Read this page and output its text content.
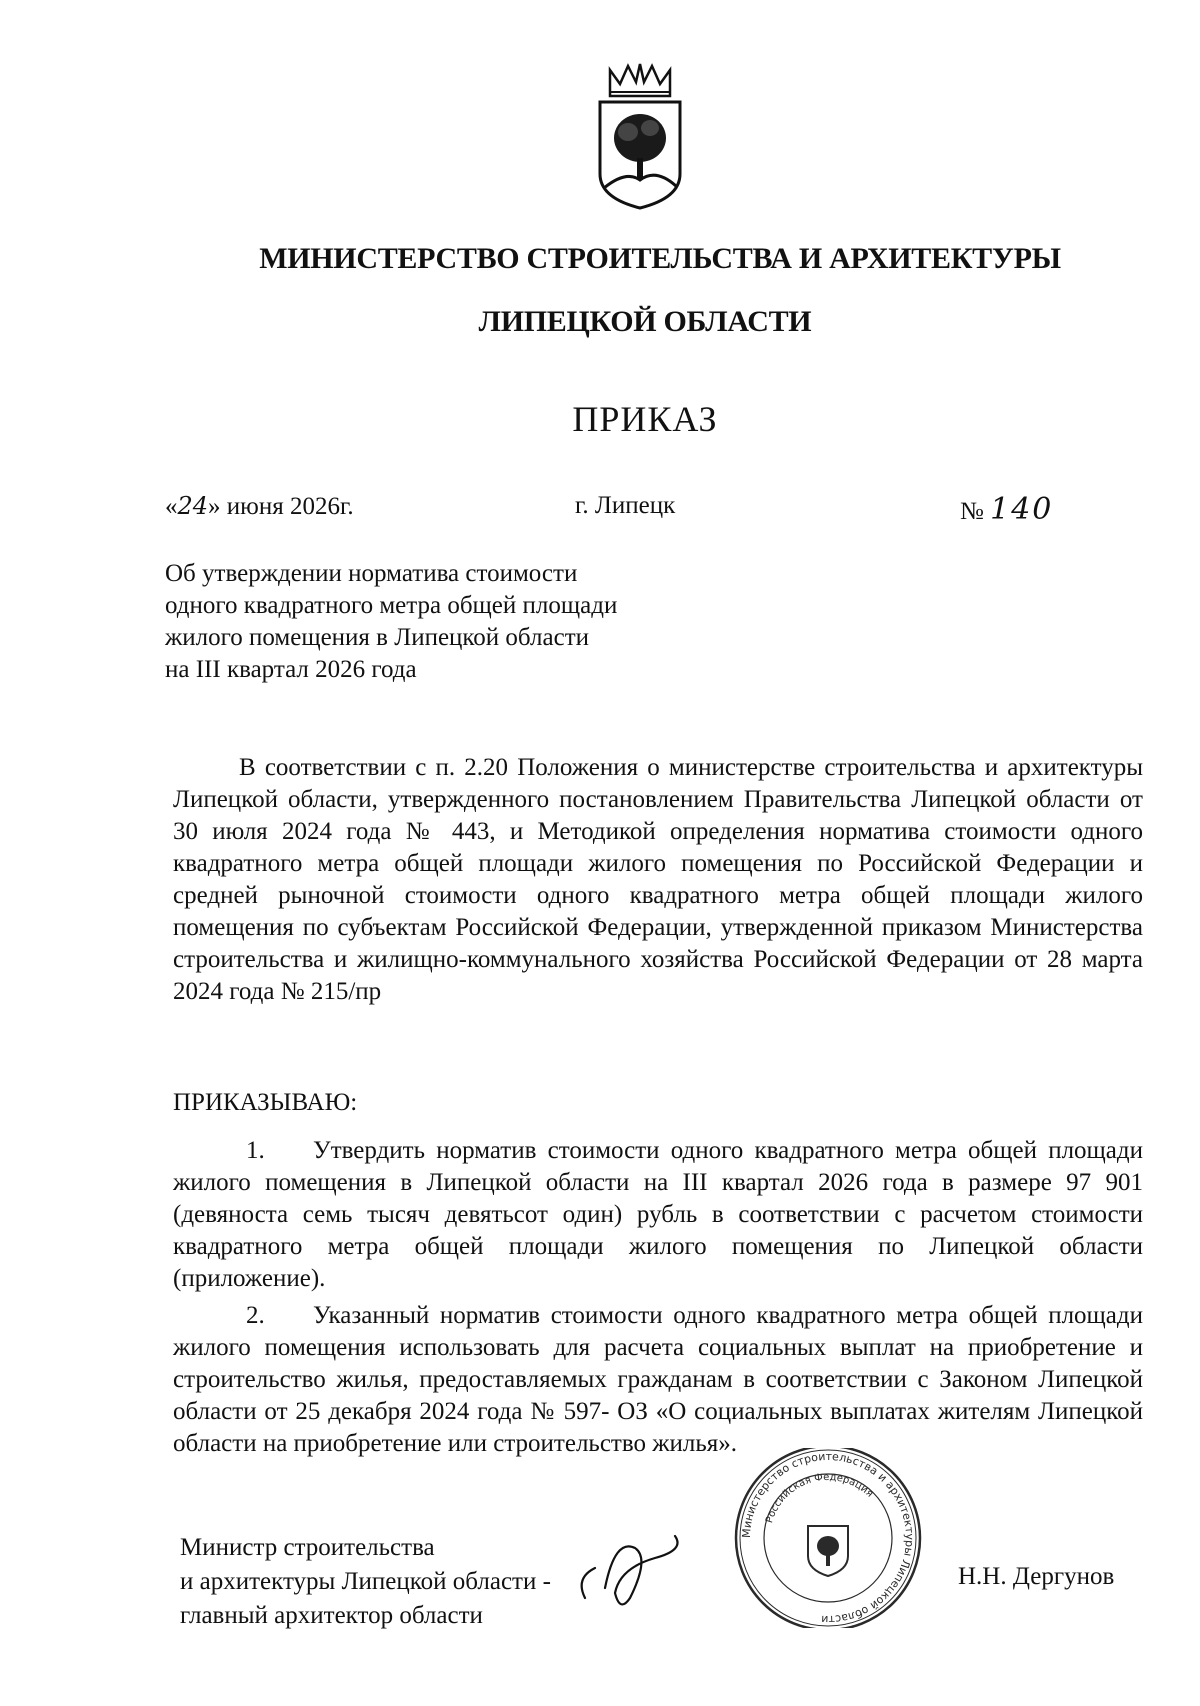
МИНИСТЕРСТВО СТРОИТЕЛЬСТВА И АРХИТЕКТУРЫ
ЛИПЕЦКОЙ ОБЛАСТИ
ПРИКАЗ
«24» июня 2026г.	г. Липецк	№ 140
Об утверждении норматива стоимости
одного квадратного метра общей площади
жилого помещения в Липецкой области
на III квартал 2026 года
В соответствии с п. 2.20 Положения о министерстве строительства и архитектуры Липецкой области, утвержденного постановлением Правительства Липецкой области от 30 июля 2024 года № 443, и Методикой определения норматива стоимости одного квадратного метра общей площади жилого помещения по Российской Федерации и средней рыночной стоимости одного квадратного метра общей площади жилого помещения по субъектам Российской Федерации, утвержденной приказом Министерства строительства и жилищно-коммунального хозяйства Российской Федерации от 28 марта 2024 года № 215/пр
ПРИКАЗЫВАЮ:
1. Утвердить норматив стоимости одного квадратного метра общей площади жилого помещения в Липецкой области на III квартал 2026 года в размере 97 901 (девяноста семь тысяч девятьсот один) рубль в соответствии с расчетом стоимости квадратного метра общей площади жилого помещения по Липецкой области (приложение).
2. Указанный норматив стоимости одного квадратного метра общей площади жилого помещения использовать для расчета социальных выплат на приобретение и строительство жилья, предоставляемых гражданам в соответствии с Законом Липецкой области от 25 декабря 2024 года № 597- ОЗ «О социальных выплатах жителям Липецкой области на приобретение или строительство жилья».
Министр строительства
и архитектуры Липецкой области -
главный архитектор области
Министерство строительства и архитектуры Липецкой области
Российская Федерация
Н.Н. Дергунов
